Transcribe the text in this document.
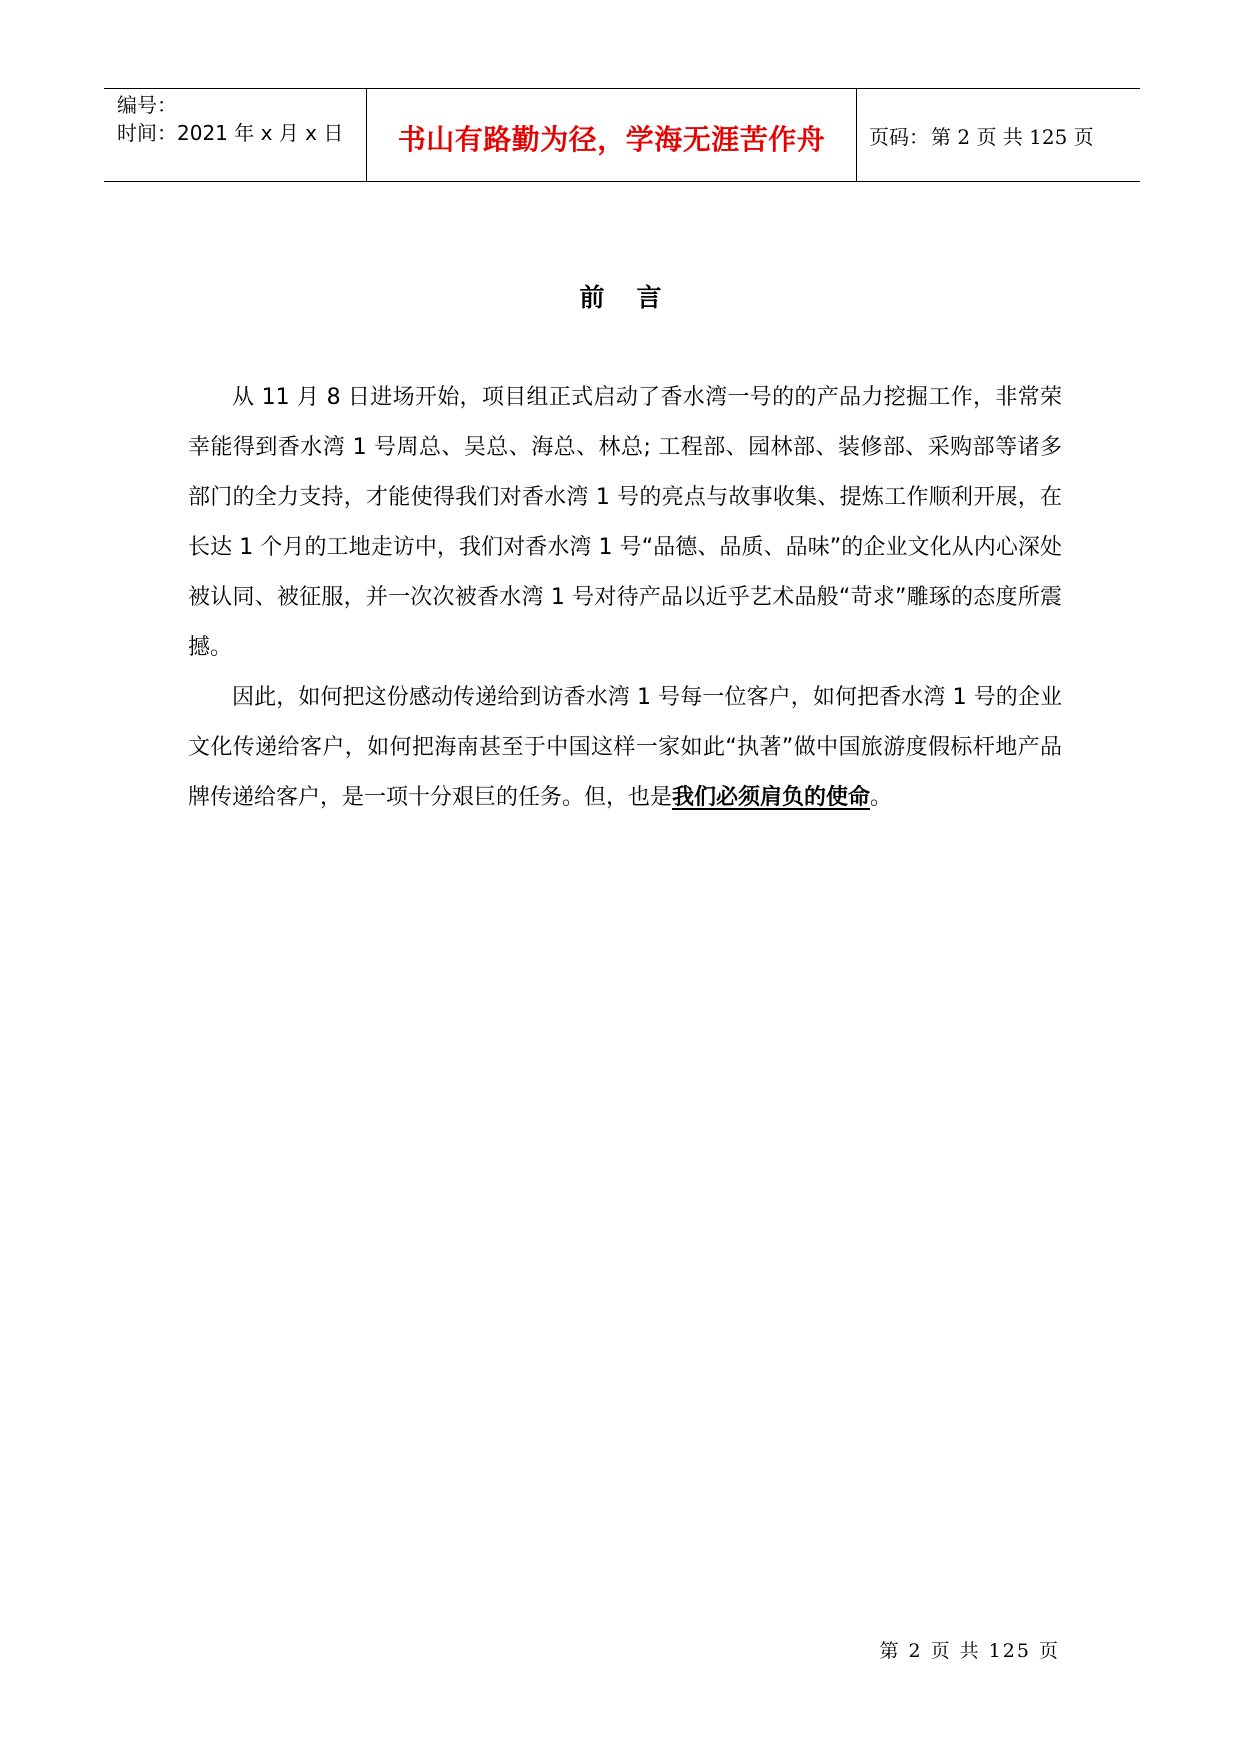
编号：
时间：2021 年 x 月 x 日	书山有路勤为径，学海无涯苦作舟 页码： 第 2 页 共 125 页
前言

从 11 月 8 日进场开始，项目组正式启动了香水湾一号的的产品力挖掘工作，非常荣幸能得到香水湾 1 号周总、吴总、海总、林总; 工程部、园林部、装修部、采购部等诸多部门的全力支持，才能使得我们对香水湾 1 号的亮点与故事收集、提炼工作顺利开展，在长达 1 个月的工地走访中，我们对香水湾 1 号“品德、品质、品味”的企业文化从内心深处被认同、被征服，并一次次被香水湾 1 号对待产品以近乎艺术品般“苛求”雕琢的态度所震撼。

因此，如何把这份感动传递给到访香水湾 1 号每一位客户，如何把香水湾 1 号的企业文化传递给客户，如何把海南甚至于中国这样一家如此“执著”做中国旅游度假标杆地产品牌传递给客户，是一项十分艰巨的任务。但，也是我们必须肩负的使命。

第 2 页 共 125 页
